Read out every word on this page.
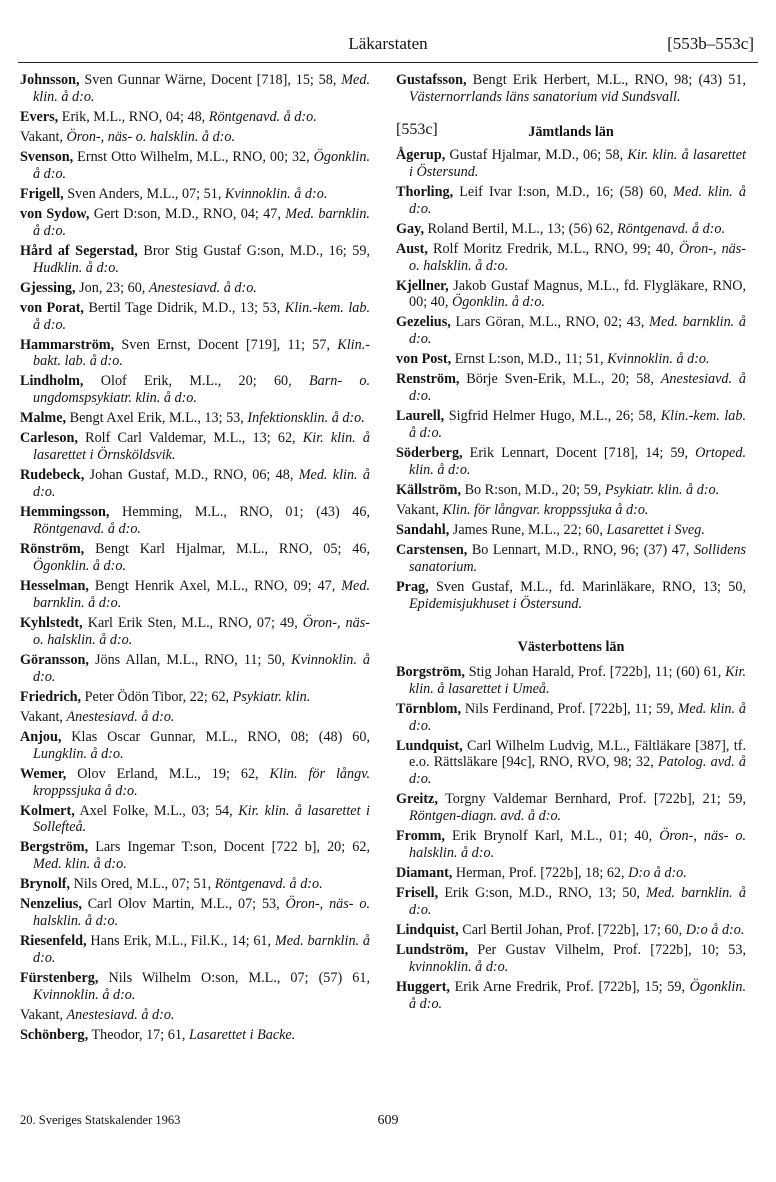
Läkarstaten	[553b–553c]
Johnsson, Sven Gunnar Wärne, Docent [718], 15; 58, Med. klin. å d:o.
Evers, Erik, M.L., RNO, 04; 48, Röntgenavd. å d:o.
Vakant, Öron-, näs- o. halsklin. å d:o.
Svenson, Ernst Otto Wilhelm, M.L., RNO, 00; 32, Ögonklin. å d:o.
Frigell, Sven Anders, M.L., 07; 51, Kvinnoklin. å d:o.
von Sydow, Gert D:son, M.D., RNO, 04; 47, Med. barnklin. å d:o.
Hård af Segerstad, Bror Stig Gustaf G:son, M.D., 16; 59, Hudklin. å d:o.
Gjessing, Jon, 23; 60, Anestesiavd. å d:o.
von Porat, Bertil Tage Didrik, M.D., 13; 53, Klin.-kem. lab. å d:o.
Hammarström, Sven Ernst, Docent [719], 11; 57, Klin.-bakt. lab. å d:o.
Lindholm, Olof Erik, M.L., 20; 60, Barn- o. ungdomspsykiatr. klin. å d:o.
Malme, Bengt Axel Erik, M.L., 13; 53, Infektionsklin. å d:o.
Carleson, Rolf Carl Valdemar, M.L., 13; 62, Kir. klin. å lasarettet i Örnsköldsvik.
Rudebeck, Johan Gustaf, M.D., RNO, 06; 48, Med. klin. å d:o.
Hemmingsson, Hemming, M.L., RNO, 01; (43) 46, Röntgenavd. å d:o.
Rönström, Bengt Karl Hjalmar, M.L., RNO, 05; 46, Ögonklin. å d:o.
Hesselman, Bengt Henrik Axel, M.L., RNO, 09; 47, Med. barnklin. å d:o.
Kyhlstedt, Karl Erik Sten, M.L., RNO, 07; 49, Öron-, näs- o. halsklin. å d:o.
Göransson, Jöns Allan, M.L., RNO, 11; 50, Kvinnoklin. å d:o.
Friedrich, Peter Ödön Tibor, 22; 62, Psykiatr. klin.
Vakant, Anestesiavd. å d:o.
Anjou, Klas Oscar Gunnar, M.L., RNO, 08; (48) 60, Lungklin. å d:o.
Wemer, Olov Erland, M.L., 19; 62, Klin. för långv. kroppssjuka å d:o.
Kolmert, Axel Folke, M.L., 03; 54, Kir. klin. å lasarettet i Sollefteå.
Bergström, Lars Ingemar T:son, Docent [722 b], 20; 62, Med. klin. å d:o.
Brynolf, Nils Ored, M.L., 07; 51, Röntgenavd. å d:o.
Nenzelius, Carl Olov Martin, M.L., 07; 53, Öron-, näs- o. halsklin. å d:o.
Riesenfeld, Hans Erik, M.L., Fil.K., 14; 61, Med. barnklin. å d:o.
Fürstenberg, Nils Wilhelm O:son, M.L., 07; (57) 61, Kvinnoklin. å d:o.
Vakant, Anestesiavd. å d:o.
Schönberg, Theodor, 17; 61, Lasarettet i Backe.
Gustafsson, Bengt Erik Herbert, M.L., RNO, 98; (43) 51, Västernorrlands läns sanatorium vid Sundsvall.
[553c]	Jämtlands län
Ågerup, Gustaf Hjalmar, M.D., 06; 58, Kir. klin. å lasarettet i Östersund.
Thorling, Leif Ivar I:son, M.D., 16; (58) 60, Med. klin. å d:o.
Gay, Roland Bertil, M.L., 13; (56) 62, Röntgenavd. å d:o.
Aust, Rolf Moritz Fredrik, M.L., RNO, 99; 40, Öron-, näs- o. halsklin. å d:o.
Kjellner, Jakob Gustaf Magnus, M.L., fd. Flygläkare, RNO, 00; 40, Ögonklin. å d:o.
Gezelius, Lars Göran, M.L., RNO, 02; 43, Med. barnklin. å d:o.
von Post, Ernst L:son, M.D., 11; 51, Kvinnoklin. å d:o.
Renström, Börje Sven-Erik, M.L., 20; 58, Anestesiavd. å d:o.
Laurell, Sigfrid Helmer Hugo, M.L., 26; 58, Klin.-kem. lab. å d:o.
Söderberg, Erik Lennart, Docent [718], 14; 59, Ortoped. klin. å d:o.
Källström, Bo R:son, M.D., 20; 59, Psykiatr. klin. å d:o.
Vakant, Klin. för långvar. kroppssjuka å d:o.
Sandahl, James Rune, M.L., 22; 60, Lasarettet i Sveg.
Carstensen, Bo Lennart, M.D., RNO, 96; (37) 47, Sollidens sanatorium.
Prag, Sven Gustaf, M.L., fd. Marinläkare, RNO, 13; 50, Epidemisjukhuset i Östersund.
Västerbottens län
Borgström, Stig Johan Harald, Prof. [722b], 11; (60) 61, Kir. klin. å lasarettet i Umeå.
Törnblom, Nils Ferdinand, Prof. [722b], 11; 59, Med. klin. å d:o.
Lundquist, Carl Wilhelm Ludvig, M.L., Fältläkare [387], tf. e.o. Rättsläkare [94c], RNO, RVO, 98; 32, Patolog. avd. å d:o.
Greitz, Torgny Valdemar Bernhard, Prof. [722b], 21; 59, Röntgen-diagn. avd. å d:o.
Fromm, Erik Brynolf Karl, M.L., 01; 40, Öron-, näs- o. halsklin. å d:o.
Diamant, Herman, Prof. [722b], 18; 62, D:o å d:o.
Frisell, Erik G:son, M.D., RNO, 13; 50, Med. barnklin. å d:o.
Lindquist, Carl Bertil Johan, Prof. [722b], 17; 60, D:o å d:o.
Lundström, Per Gustav Vilhelm, Prof. [722b], 10; 53, kvinnoklin. å d:o.
Huggert, Erik Arne Fredrik, Prof. [722b], 15; 59, Ögonklin. å d:o.
20. Sveriges Statskalender 1963	609
